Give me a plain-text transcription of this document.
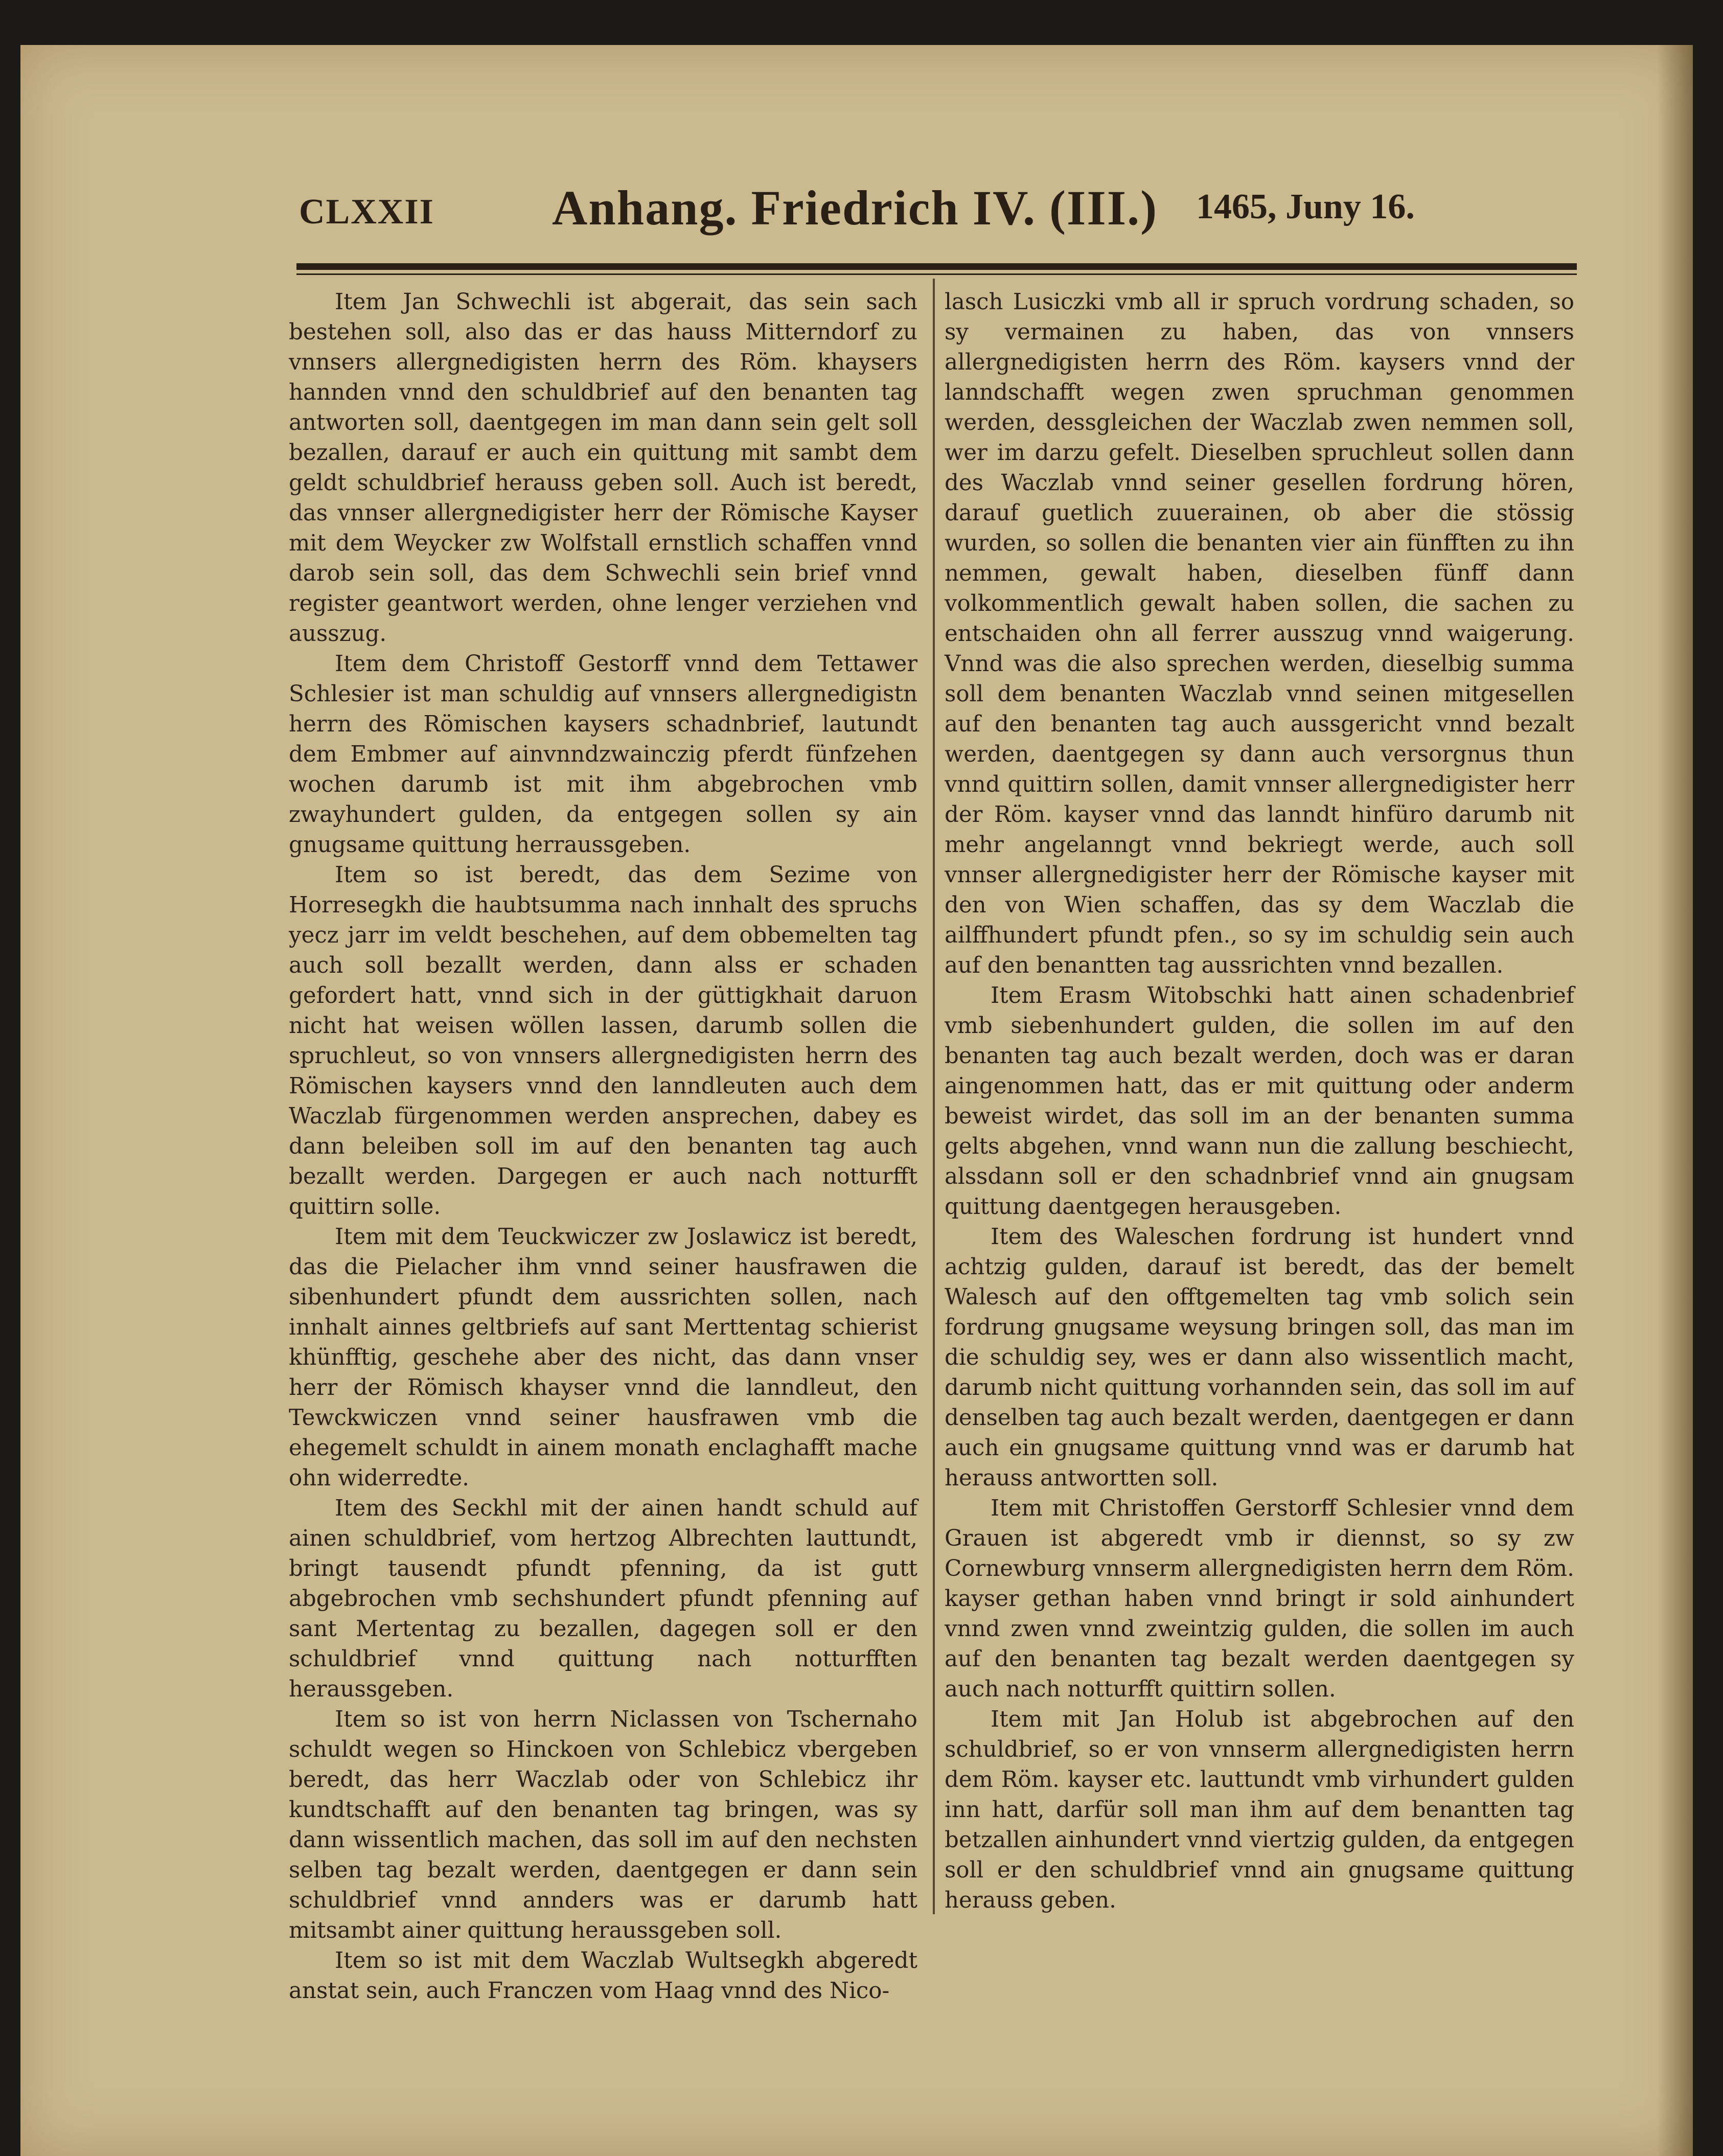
CLXXII Anhang. Friedrich IV. (III.) 1465, Juny 16.

Item Jan Schwechli ist abgerait, das sein sach bestehen soll, also das er das hauss Mitterndorf zu vnnsers allergnedigisten herrn des Röm. khaysers hannden vnnd den schuldbrief auf den benanten tag antworten soll, daentgegen im man dann sein gelt soll bezallen, darauf er auch ein quittung mit sambt dem geldt schuldbrief herauss geben soll. Auch ist beredt, das vnnser allergnedigister herr der Römische Kayser mit dem Weycker zw Wolfstall ernstlich schaffen vnnd darob sein soll, das dem Schwechli sein brief vnnd register geantwort werden, ohne lenger verziehen vnd ausszug.

Item dem Christoff Gestorff vnnd dem Tettawer Schlesier ist man schuldig auf vnnsers allergnedigistn herrn des Römischen kaysers schadnbrief, lautundt dem Embmer auf ainvnndzwainczig pferdt fünfzehen wochen darumb ist mit ihm abgebrochen vmb zwayhundert gulden, da entgegen sollen sy ain gnugsame quittung herraussgeben.

Item so ist beredt, das dem Sezime von Horresegkh die haubtsumma nach innhalt des spruchs yecz jarr im veldt beschehen, auf dem obbemelten tag auch soll bezallt werden, dann alss er schaden gefordert hatt, vnnd sich in der güttigkhait daruon nicht hat weisen wöllen lassen, darumb sollen die spruchleut, so von vnnsers allergnedigisten herrn des Römischen kaysers vnnd den lanndleuten auch dem Waczlab fürgenommen werden ansprechen, dabey es dann beleiben soll im auf den benanten tag auch bezallt werden. Dargegen er auch nach notturfft quittirn solle.

Item mit dem Teuckwiczer zw Joslawicz ist beredt, das die Pielacher ihm vnnd seiner hausfrawen die sibenhundert pfundt dem aussrichten sollen, nach innhalt ainnes geltbriefs auf sant Merttentag schierist khünfftig, geschehe aber des nicht, das dann vnser herr der Römisch khayser vnnd die lanndleut, den Tewckwiczen vnnd seiner hausfrawen vmb die ehegemelt schuldt in ainem monath enclaghafft mache ohn widerredte.

Item des Seckhl mit der ainen handt schuld auf ainen schuldbrief, vom hertzog Albrechten lauttundt, bringt tausendt pfundt pfenning, da ist gutt abgebrochen vmb sechshundert pfundt pfenning auf sant Mertentag zu bezallen, dagegen soll er den schuldbrief vnnd quittung nach notturfften heraussgeben.

Item so ist von herrn Niclassen von Tschernaho schuldt wegen so Hinckoen von Schlebicz vbergeben beredt, das herr Waczlab oder von Schlebicz ihr kundtschafft auf den benanten tag bringen, was sy dann wissentlich machen, das soll im auf den nechsten selben tag bezalt werden, daentgegen er dann sein schuldbrief vnnd annders was er darumb hatt mitsambt ainer quittung heraussgeben soll.

Item so ist mit dem Waczlab Wultsegkh abgeredt anstat sein, auch Franczen vom Haag vnnd des Nico-

lasch Lusiczki vmb all ir spruch vordrung schaden, so sy vermainen zu haben, das von vnnsers allergnedigisten herrn des Röm. kaysers vnnd der lanndschafft wegen zwen spruchman genommen werden, dessgleichen der Waczlab zwen nemmen soll, wer im darzu gefelt. Dieselben spruchleut sollen dann des Waczlab vnnd seiner gesellen fordrung hören, darauf guetlich zuuerainen, ob aber die stössig wurden, so sollen die benanten vier ain fünfften zu ihn nemmen, gewalt haben, dieselben fünff dann volkommentlich gewalt haben sollen, die sachen zu entschaiden ohn all ferrer ausszug vnnd waigerung. Vnnd was die also sprechen werden, dieselbig summa soll dem benanten Waczlab vnnd seinen mitgesellen auf den benanten tag auch aussgericht vnnd bezalt werden, daentgegen sy dann auch versorgnus thun vnnd quittirn sollen, damit vnnser allergnedigister herr der Röm. kayser vnnd das lanndt hinfüro darumb nit mehr angelanngt vnnd bekriegt werde, auch soll vnnser allergnedigister herr der Römische kayser mit den von Wien schaffen, das sy dem Waczlab die ailffhundert pfundt pfen., so sy im schuldig sein auch auf den benantten tag aussrichten vnnd bezallen.

Item Erasm Witobschki hatt ainen schadenbrief vmb siebenhundert gulden, die sollen im auf den benanten tag auch bezalt werden, doch was er daran aingenommen hatt, das er mit quittung oder anderm beweist wirdet, das soll im an der benanten summa gelts abgehen, vnnd wann nun die zallung beschiecht, alssdann soll er den schadnbrief vnnd ain gnugsam quittung daentgegen herausgeben.

Item des Waleschen fordrung ist hundert vnnd achtzig gulden, darauf ist beredt, das der bemelt Walesch auf den offtgemelten tag vmb solich sein fordrung gnugsame weysung bringen soll, das man im die schuldig sey, wes er dann also wissentlich macht, darumb nicht quittung vorhannden sein, das soll im auf denselben tag auch bezalt werden, daentgegen er dann auch ein gnugsame quittung vnnd was er darumb hat herauss antwortten soll.

Item mit Christoffen Gerstorff Schlesier vnnd dem Grauen ist abgeredt vmb ir diennst, so sy zw Cornewburg vnnserm allergnedigisten herrn dem Röm. kayser gethan haben vnnd bringt ir sold ainhundert vnnd zwen vnnd zweintzig gulden, die sollen im auch auf den benanten tag bezalt werden daentgegen sy auch nach notturfft quittirn sollen.

Item mit Jan Holub ist abgebrochen auf den schuldbrief, so er von vnnserm allergnedigisten herrn dem Röm. kayser etc. lauttundt vmb virhundert gulden inn hatt, darfür soll man ihm auf dem benantten tag betzallen ainhundert vnnd viertzig gulden, da entgegen soll er den schuldbrief vnnd ain gnugsame quittung herauss geben.
